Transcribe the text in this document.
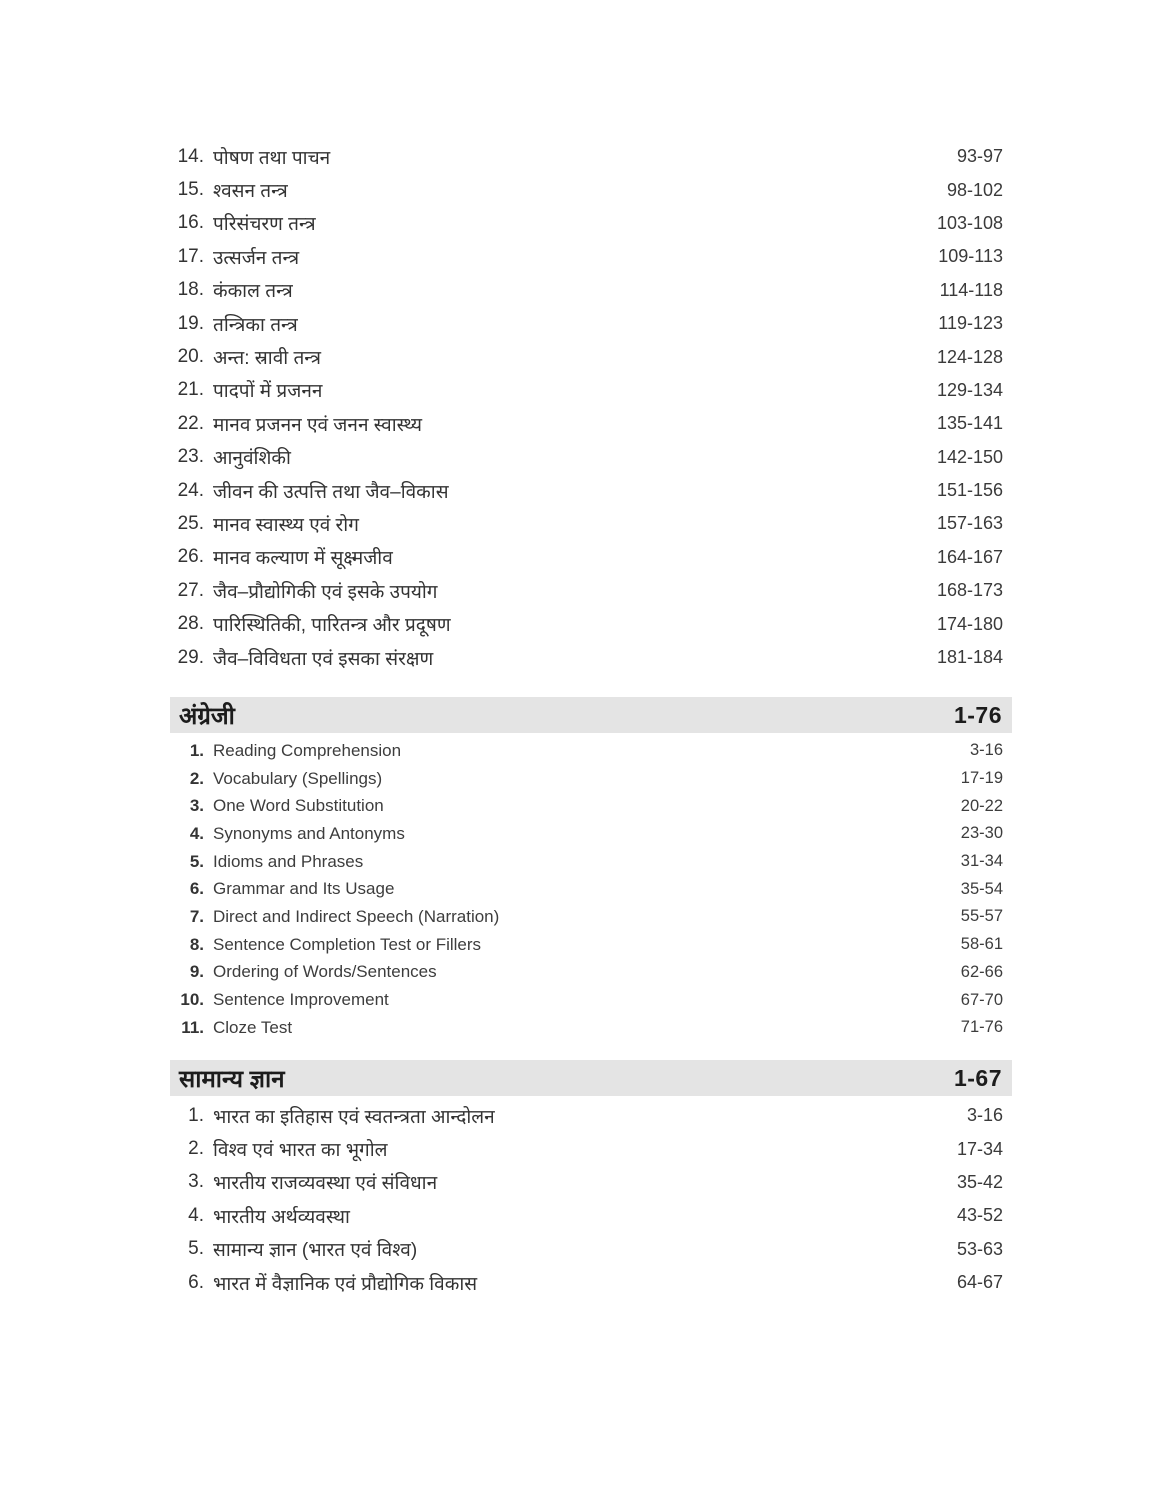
14. पोषण तथा पाचन	93-97
15. श्वसन तन्त्र	98-102
16. परिसंचरण तन्त्र	103-108
17. उत्सर्जन तन्त्र	109-113
18. कंकाल तन्त्र	114-118
19. तन्त्रिका तन्त्र	119-123
20. अन्त: स्रावी तन्त्र	124-128
21. पादपों में प्रजनन	129-134
22. मानव प्रजनन एवं जनन स्वास्थ्य	135-141
23. आनुवंशिकी	142-150
24. जीवन की उत्पत्ति तथा जैव–विकास	151-156
25. मानव स्वास्थ्य एवं रोग	157-163
26. मानव कल्याण में सूक्ष्मजीव	164-167
27. जैव–प्रौद्योगिकी एवं इसके उपयोग	168-173
28. पारिस्थितिकी, पारितन्त्र और प्रदूषण	174-180
29. जैव–विविधता एवं इसका संरक्षण	181-184
अंग्रेजी	1-76
1. Reading Comprehension	3-16
2. Vocabulary (Spellings)	17-19
3. One Word Substitution	20-22
4. Synonyms and Antonyms	23-30
5. Idioms and Phrases	31-34
6. Grammar and Its Usage	35-54
7. Direct and Indirect Speech (Narration)	55-57
8. Sentence Completion Test or Fillers	58-61
9. Ordering of Words/Sentences	62-66
10. Sentence Improvement	67-70
11. Cloze Test	71-76
सामान्य ज्ञान	1-67
1. भारत का इतिहास एवं स्वतन्त्रता आन्दोलन	3-16
2. विश्व एवं भारत का भूगोल	17-34
3. भारतीय राजव्यवस्था एवं संविधान	35-42
4. भारतीय अर्थव्यवस्था	43-52
5. सामान्य ज्ञान (भारत एवं विश्व)	53-63
6. भारत में वैज्ञानिक एवं प्रौद्योगिक विकास	64-67
